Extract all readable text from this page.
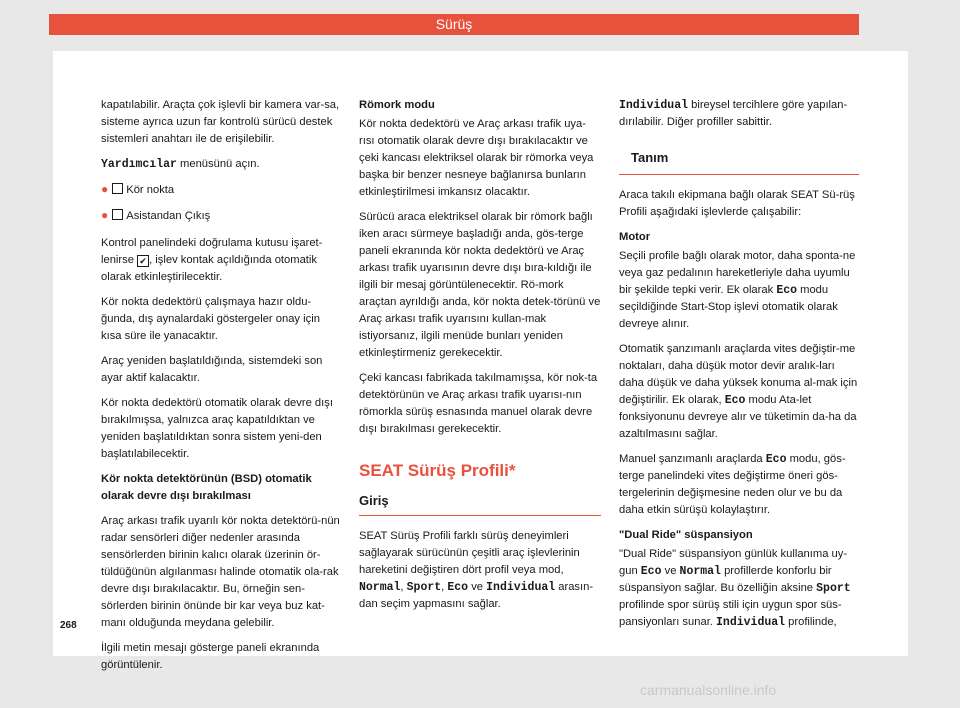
Sürüş

kapatılabilir. Araçta çok işlevli bir kamera var-sa, sisteme ayrıca uzun far kontrolü sürücü destek sistemleri anahtarı ile de erişilebilir.

Yardımcılar menüsünü açın.

● Kör nokta

● Asistandan Çıkış

Kontrol panelindeki doğrulama kutusu işaret-lenirse ✔ , işlev kontak açıldığında otomatik olarak etkinleştirilecektir.

Kör nokta dedektörü çalışmaya hazır oldu-ğunda, dış aynalardaki göstergeler onay için kısa süre ile yanacaktır.

Araç yeniden başlatıldığında, sistemdeki son ayar aktif kalacaktır.

Kör nokta dedektörü otomatik olarak devre dışı bırakılmışsa, yalnızca araç kapatıldıktan ve yeniden başlatıldıktan sonra sistem yeni-den başlatılabilecektir.

Kör nokta detektörünün (BSD) otomatik olarak devre dışı bırakılması

Araç arkası trafik uyarılı kör nokta detektörü-nün radar sensörleri diğer nedenler arasında sensörlerden birinin kalıcı olarak üzerinin ör-tüldüğünün algılanması halinde otomatik ola-rak devre dışı bırakılacaktır. Bu, örneğin sen-sörlerden birinin önünde bir kar veya buz kat-manı olduğunda meydana gelebilir.

İlgili metin mesajı gösterge paneli ekranında görüntülenir.

Römork modu

Kör nokta dedektörü ve Araç arkası trafik uya-rısı otomatik olarak devre dışı bırakılacaktır ve çeki kancası elektriksel olarak bir römorka veya başka bir benzer nesneye bağlanırsa bunların etkinleştirilmesi imkansız olacaktır.

Sürücü araca elektriksel olarak bir römork bağlı iken aracı sürmeye başladığı anda, gös-terge paneli ekranında kör nokta dedektörü ve Araç arkası trafik uyarısının devre dışı bıra-kıldığı ile ilgili bir mesaj görüntülenecektir. Rö-mork araçtan ayrıldığı anda, kör nokta detek-törünü ve Araç arkası trafik uyarısını kullan-mak istiyorsanız, ilgili menüde bunları yeniden etkinleştirmeniz gerekecektir.

Çeki kancası fabrikada takılmamışsa, kör nok-ta detektörünün ve Araç arkası trafik uyarısı-nın römorkla sürüş esnasında manuel olarak devre dışı bırakılması gerekecektir.

SEAT Sürüş Profili*
Giriş

SEAT Sürüş Profili farklı sürüş deneyimleri sağlayarak sürücünün çeşitli araç işlevlerinin hareketini değiştiren dört profil veya mod, Normal, Sport, Eco ve Individual arasın-dan seçim yapmasını sağlar.

Individual bireysel tercihlere göre yapılan-dırılabilir. Diğer profiller sabittir.

Tanım

Araca takılı ekipmana bağlı olarak SEAT Sü-rüş Profili aşağıdaki işlevlerde çalışabilir:

Motor

Seçili profile bağlı olarak motor, daha sponta-ne veya gaz pedalının hareketleriyle daha uyumlu bir şekilde tepki verir. Ek olarak Eco modu seçildiğinde Start-Stop işlevi otomatik olarak devreye alınır.

Otomatik şanzımanlı araçlarda vites değiştir-me noktaları, daha düşük motor devir aralık-ları daha düşük ve daha yüksek konuma al-mak için değiştirilir. Ek olarak, Eco modu Ata-let fonksiyonunu devreye alır ve tüketimin da-ha da azaltılmasını sağlar.

Manuel şanzımanlı araçlarda Eco modu, gös-terge panelindeki vites değiştirme öneri gös-tergelerinin değişmesine neden olur ve bu da daha etkin sürüşü kolaylaştırır.

"Dual Ride" süspansiyon

"Dual Ride" süspansiyon günlük kullanıma uy-gun Eco ve Normal profillerde konforlu bir süspansiyon sağlar. Bu özelliğin aksine Sport profilinde spor sürüş stili için uygun spor süs-pansiyonları sunar. Individual profilinde,

268
carmanualsonline.info
